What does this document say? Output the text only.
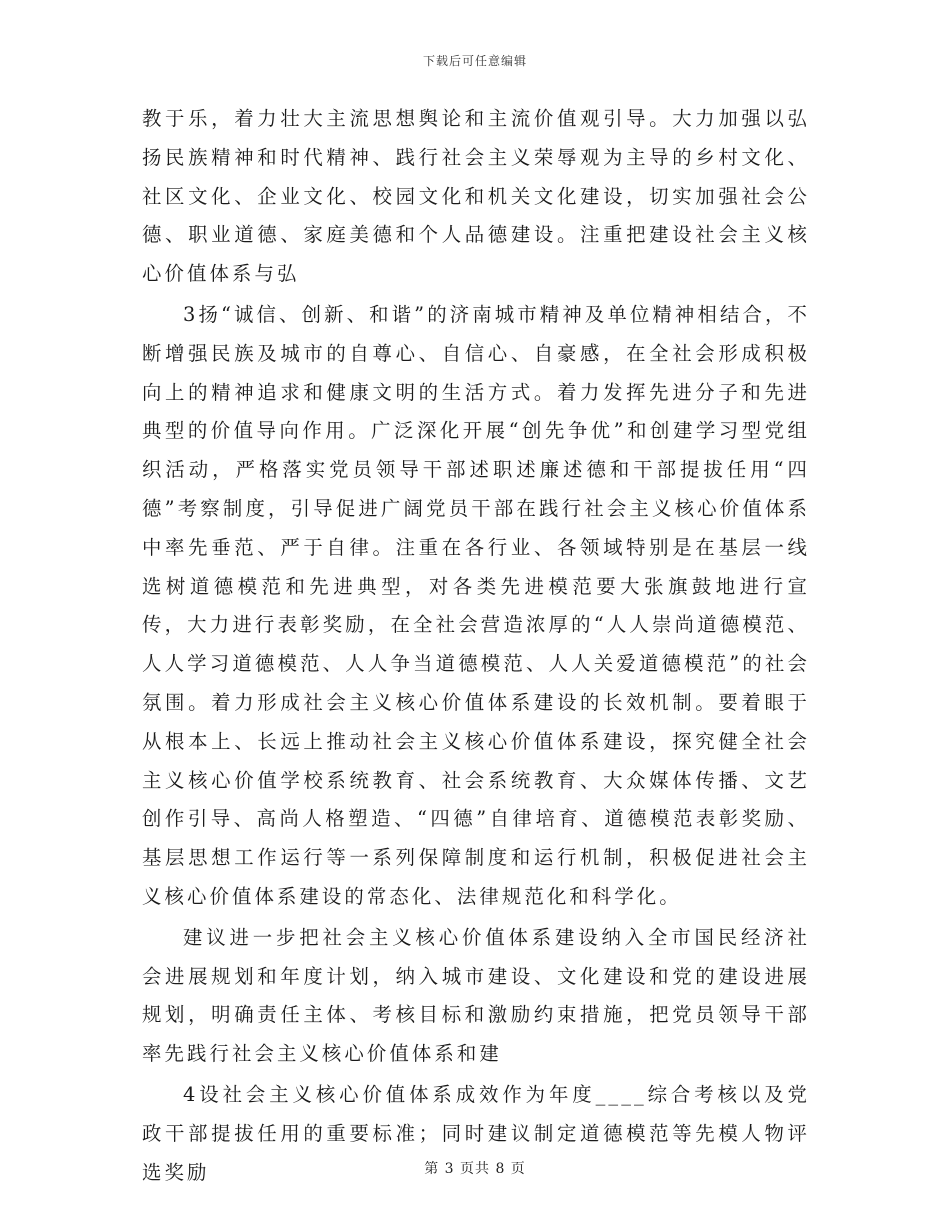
下载后可任意编辑

教于乐，着力壮大主流思想舆论和主流价值观引导。大力加强以弘扬民族精神和时代精神、践行社会主义荣辱观为主导的乡村文化、社区文化、企业文化、校园文化和机关文化建设，切实加强社会公德、职业道德、家庭美德和个人品德建设。注重把建设社会主义核心价值体系与弘

3扬“诚信、创新、和谐”的济南城市精神及单位精神相结合，不断增强民族及城市的自尊心、自信心、自豪感，在全社会形成积极向上的精神追求和健康文明的生活方式。着力发挥先进分子和先进典型的价值导向作用。广泛深化开展“创先争优”和创建学习型党组织活动，严格落实党员领导干部述职述廉述德和干部提拔任用“四德”考察制度，引导促进广阔党员干部在践行社会主义核心价值体系中率先垂范、严于自律。注重在各行业、各领域特别是在基层一线选树道德模范和先进典型，对各类先进模范要大张旗鼓地进行宣传，大力进行表彰奖励，在全社会营造浓厚的“人人崇尚道德模范、人人学习道德模范、人人争当道德模范、人人关爱道德模范”的社会氛围。着力形成社会主义核心价值体系建设的长效机制。要着眼于从根本上、长远上推动社会主义核心价值体系建设，探究健全社会主义核心价值学校系统教育、社会系统教育、大众媒体传播、文艺创作引导、高尚人格塑造、“四德”自律培育、道德模范表彰奖励、基层思想工作运行等一系列保障制度和运行机制，积极促进社会主义核心价值体系建设的常态化、法律规范化和科学化。

建议进一步把社会主义核心价值体系建设纳入全市国民经济社会进展规划和年度计划，纳入城市建设、文化建设和党的建设进展规划，明确责任主体、考核目标和激励约束措施，把党员领导干部率先践行社会主义核心价值体系和建

4设社会主义核心价值体系成效作为年度____综合考核以及党政干部提拔任用的重要标准；同时建议制定道德模范等先模人物评选奖励	第 3 页共 8 页
